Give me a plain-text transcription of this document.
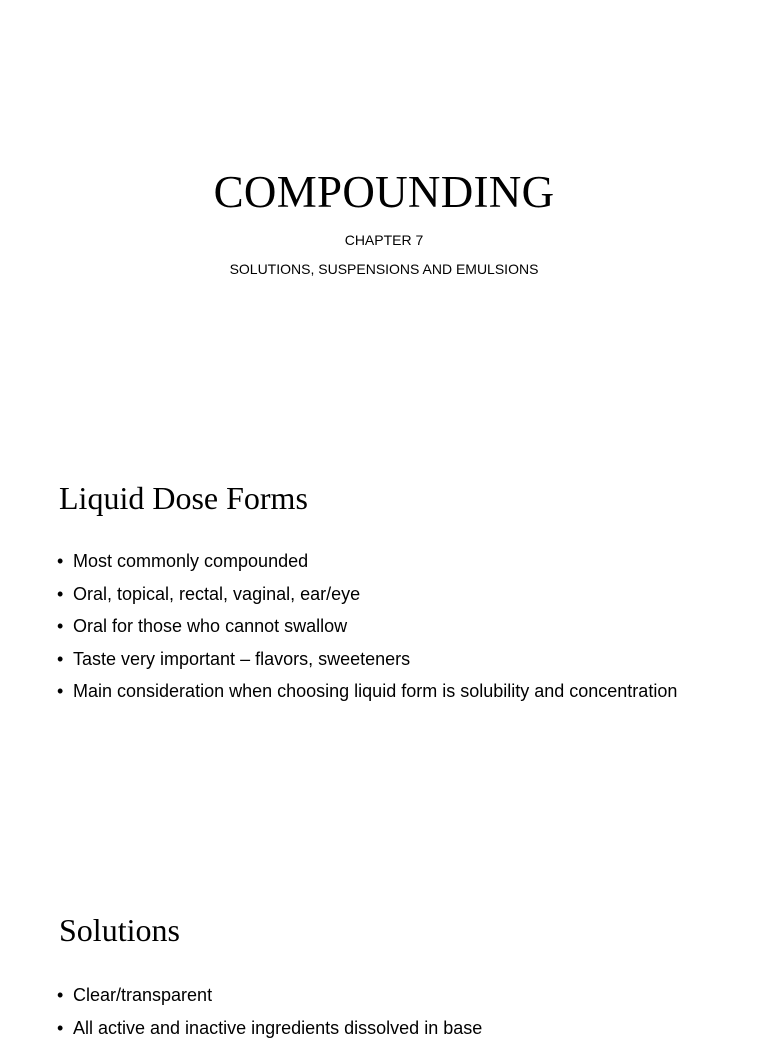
COMPOUNDING
CHAPTER 7
SOLUTIONS, SUSPENSIONS AND EMULSIONS
Liquid Dose Forms
• Most commonly compounded
• Oral, topical, rectal, vaginal, ear/eye
• Oral for those who cannot swallow
• Taste very important – flavors, sweeteners
• Main consideration when choosing liquid form is solubility and concentration
Solutions
• Clear/transparent
• All active and inactive ingredients dissolved in base
